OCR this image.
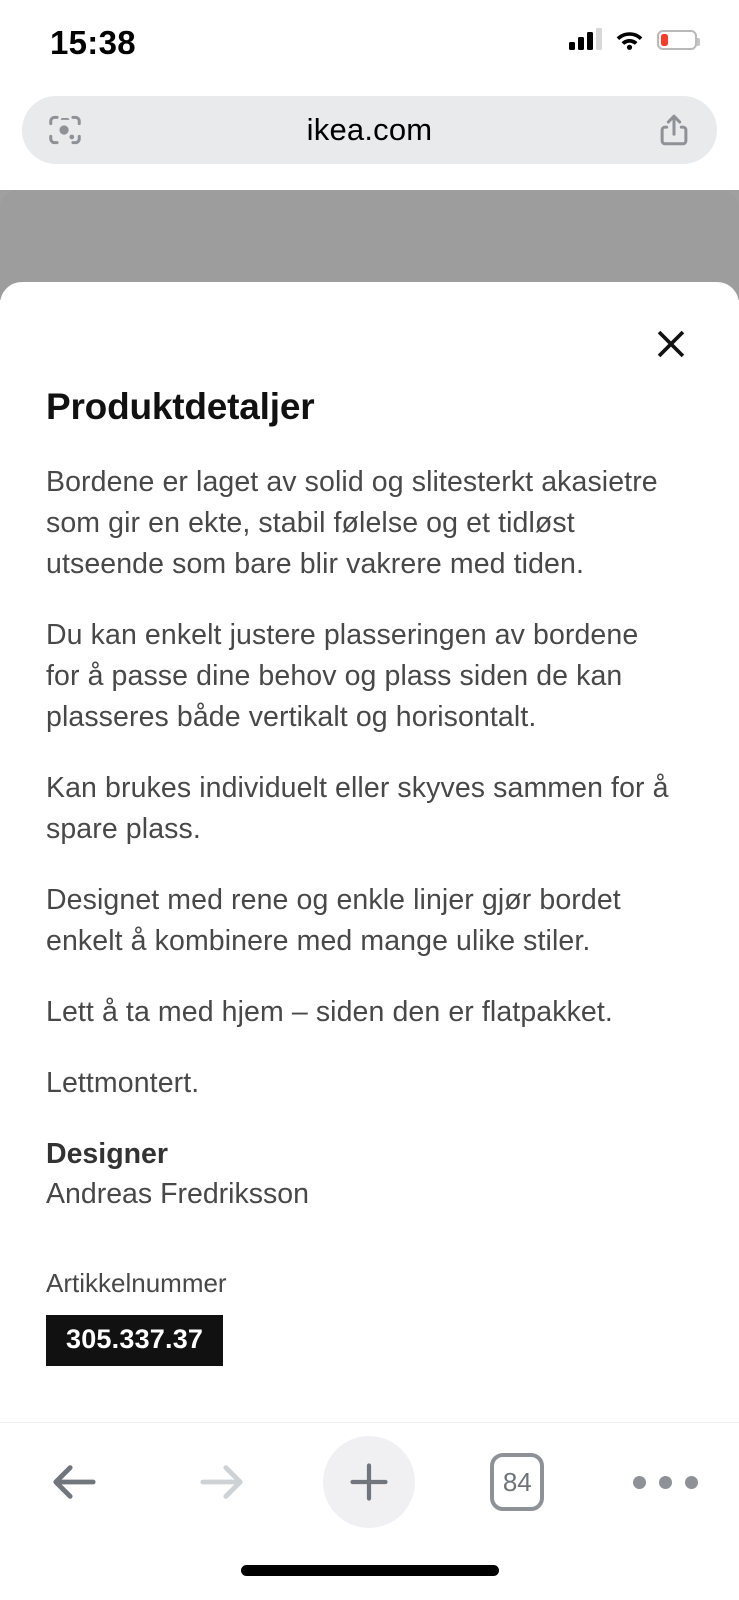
15:38
ikea.com
Produktdetaljer

Bordene er laget av solid og slitesterkt akasietre som gir en ekte, stabil følelse og et tidløst utseende som bare blir vakrere med tiden.

Du kan enkelt justere plasseringen av bordene for å passe dine behov og plass siden de kan plasseres både vertikalt og horisontalt.

Kan brukes individuelt eller skyves sammen for å spare plass.

Designet med rene og enkle linjer gjør bordet enkelt å kombinere med mange ulike stiler.

Lett å ta med hjem – siden den er flatpakket.

Lettmontert.

Designer
Andreas Fredriksson
Artikkelnummer
305.337.37
84
